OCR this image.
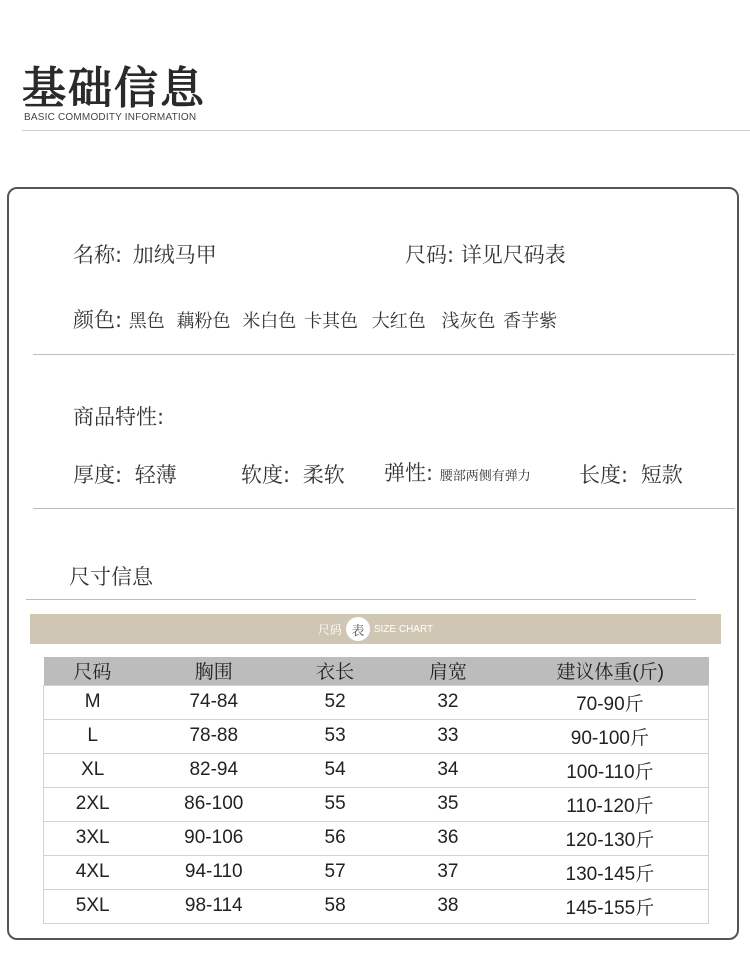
基础信息
BASIC COMMODITY INFORMATION
名称: 加绒马甲	尺码: 详见尺码表
颜色: 黑色 藕粉色 米白色 卡其色 大红色 浅灰色 香芋紫
商品特性:
厚度: 轻薄	软度: 柔软 弹性: 腰部两侧有弹力 长度: 短款
尺寸信息
尺码 表 SIZE CHART
尺码	胸围	衣长	肩宽	建议体重(斤)
M	74-84	52	32	70-90斤
L	78-88	53	33	90-100斤
XL	82-94	54	34	100-110斤
2XL	86-100	55	35	110-120斤
3XL	90-106	56	36	120-130斤
4XL	94-110	57	37	130-145斤
5XL	98-114	58	38	145-155斤
